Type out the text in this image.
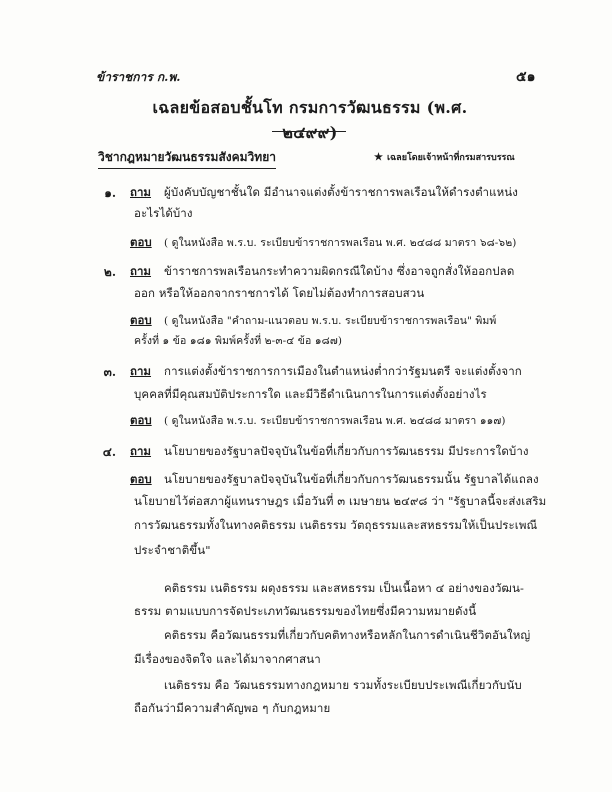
ข้าราชการ ก.พ.	๕๑
เฉลยข้อสอบชั้นโท กรมการวัฒนธรรม (พ.ศ. ๒๔๙๙)
วิชากฎหมายวัฒนธรรมสังคมวิทยา	★ เฉลยโดยเจ้าหน้าที่กรมสารบรรณ
๑. ถาม ผู้บังคับบัญชาชั้นใด มีอำนาจแต่งตั้งข้าราชการพลเรือนให้ดำรงตำแหน่ง
อะไรได้บ้าง
ตอบ ( ดูในหนังสือ พ.ร.บ. ระเบียบข้าราชการพลเรือน พ.ศ. ๒๔๘๘ มาตรา ๖๘-๖๒)
๒. ถาม ข้าราชการพลเรือนกระทำความผิดกรณีใดบ้าง ซึ่งอาจถูกสั่งให้ออกปลด
ออก หรือให้ออกจากราชการได้ โดยไม่ต้องทำการสอบสวน
ตอบ ( ดูในหนังสือ "คำถาม-แนวตอบ พ.ร.บ. ระเบียบข้าราชการพลเรือน" พิมพ์
ครั้งที่ ๑ ข้อ ๑๘๑ พิมพ์ครั้งที่ ๒-๓-๔ ข้อ ๑๘๗)
๓. ถาม การแต่งตั้งข้าราชการการเมืองในตำแหน่งต่ำกว่ารัฐมนตรี จะแต่งตั้งจาก
บุคคลที่มีคุณสมบัติประการใด และมีวิธีดำเนินการในการแต่งตั้งอย่างไร
ตอบ ( ดูในหนังสือ พ.ร.บ. ระเบียบข้าราชการพลเรือน พ.ศ. ๒๔๘๘ มาตรา ๑๑๗)
๔. ถาม นโยบายของรัฐบาลปัจจุบันในข้อที่เกี่ยวกับการวัฒนธรรม มีประการใดบ้าง
ตอบ นโยบายของรัฐบาลปัจจุบันในข้อที่เกี่ยวกับการวัฒนธรรมนั้น รัฐบาลได้แถลง
นโยบายไว้ต่อสภาผู้แทนราษฎร เมื่อวันที่ ๓ เมษายน ๒๔๙๘ ว่า "รัฐบาลนี้จะส่งเสริม
การวัฒนธรรมทั้งในทางคติธรรม เนติธรรม วัตถุธรรมและสหธรรมให้เป็นประเพณี
ประจำชาติขึ้น"
คติธรรม เนติธรรม ผดุงธรรม และสหธรรม เป็นเนื้อหา ๔ อย่างของวัฒน-
ธรรม ตามแบบการจัดประเภทวัฒนธรรมของไทยซึ่งมีความหมายดังนี้
คติธรรม คือวัฒนธรรมที่เกี่ยวกับคติทางหรือหลักในการดำเนินชีวิตอันใหญ่
มีเรื่องของจิตใจ และได้มาจากศาสนา
เนติธรรม คือ วัฒนธรรมทางกฎหมาย รวมทั้งระเบียบประเพณีเกี่ยวกับนับ
ถือกันว่ามีความสำคัญพอ ๆ กับกฎหมาย
